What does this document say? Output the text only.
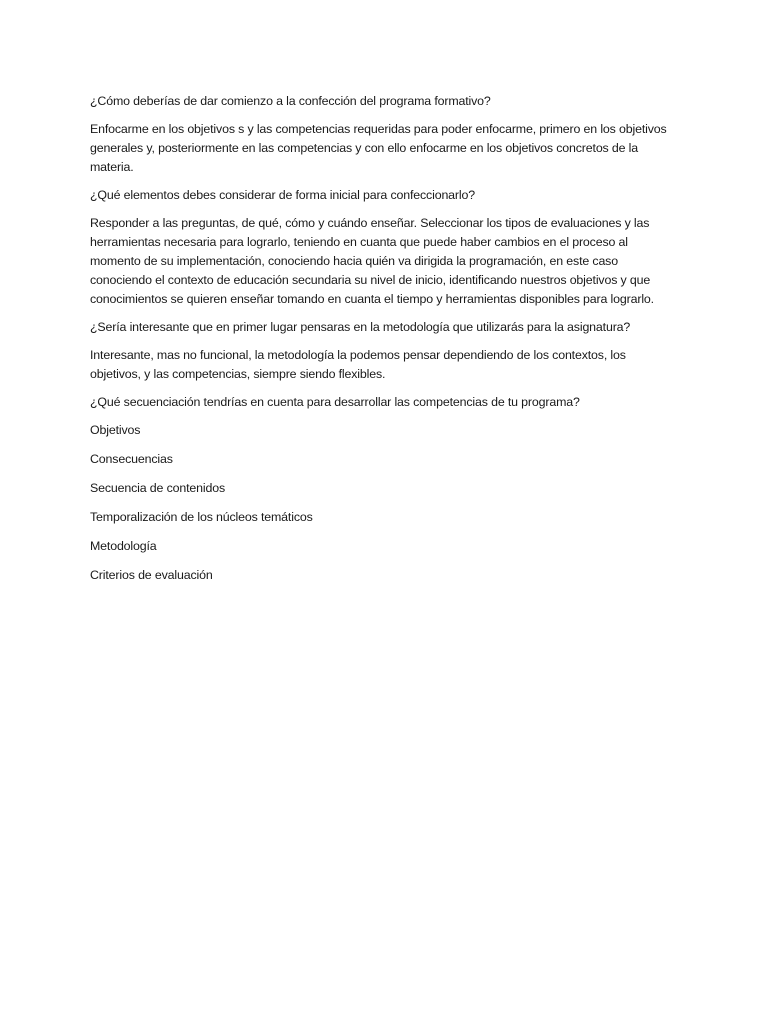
¿Cómo deberías de dar comienzo a la confección del programa formativo?

Enfocarme en los objetivos s y las competencias requeridas para poder enfocarme, primero en los objetivos generales y, posteriormente en las competencias y con ello enfocarme en los objetivos concretos de la materia.

¿Qué elementos debes considerar de forma inicial para confeccionarlo?

Responder a las preguntas, de qué, cómo y cuándo enseñar. Seleccionar los tipos de evaluaciones y las herramientas necesaria para lograrlo, teniendo en cuanta que puede haber cambios en el proceso al momento de su implementación, conociendo hacia quién va dirigida la programación, en este caso conociendo el contexto de educación secundaria su nivel de inicio, identificando nuestros objetivos y que conocimientos se quieren enseñar tomando en cuanta el tiempo y herramientas disponibles para lograrlo.

¿Sería interesante que en primer lugar pensaras en la metodología que utilizarás para la asignatura?

Interesante, mas no funcional, la metodología la podemos pensar dependiendo de los contextos, los objetivos, y las competencias, siempre siendo flexibles.

¿Qué secuenciación tendrías en cuenta para desarrollar las competencias de tu programa?

Objetivos

Consecuencias

Secuencia de contenidos

Temporalización de los núcleos temáticos

Metodología

Criterios de evaluación
